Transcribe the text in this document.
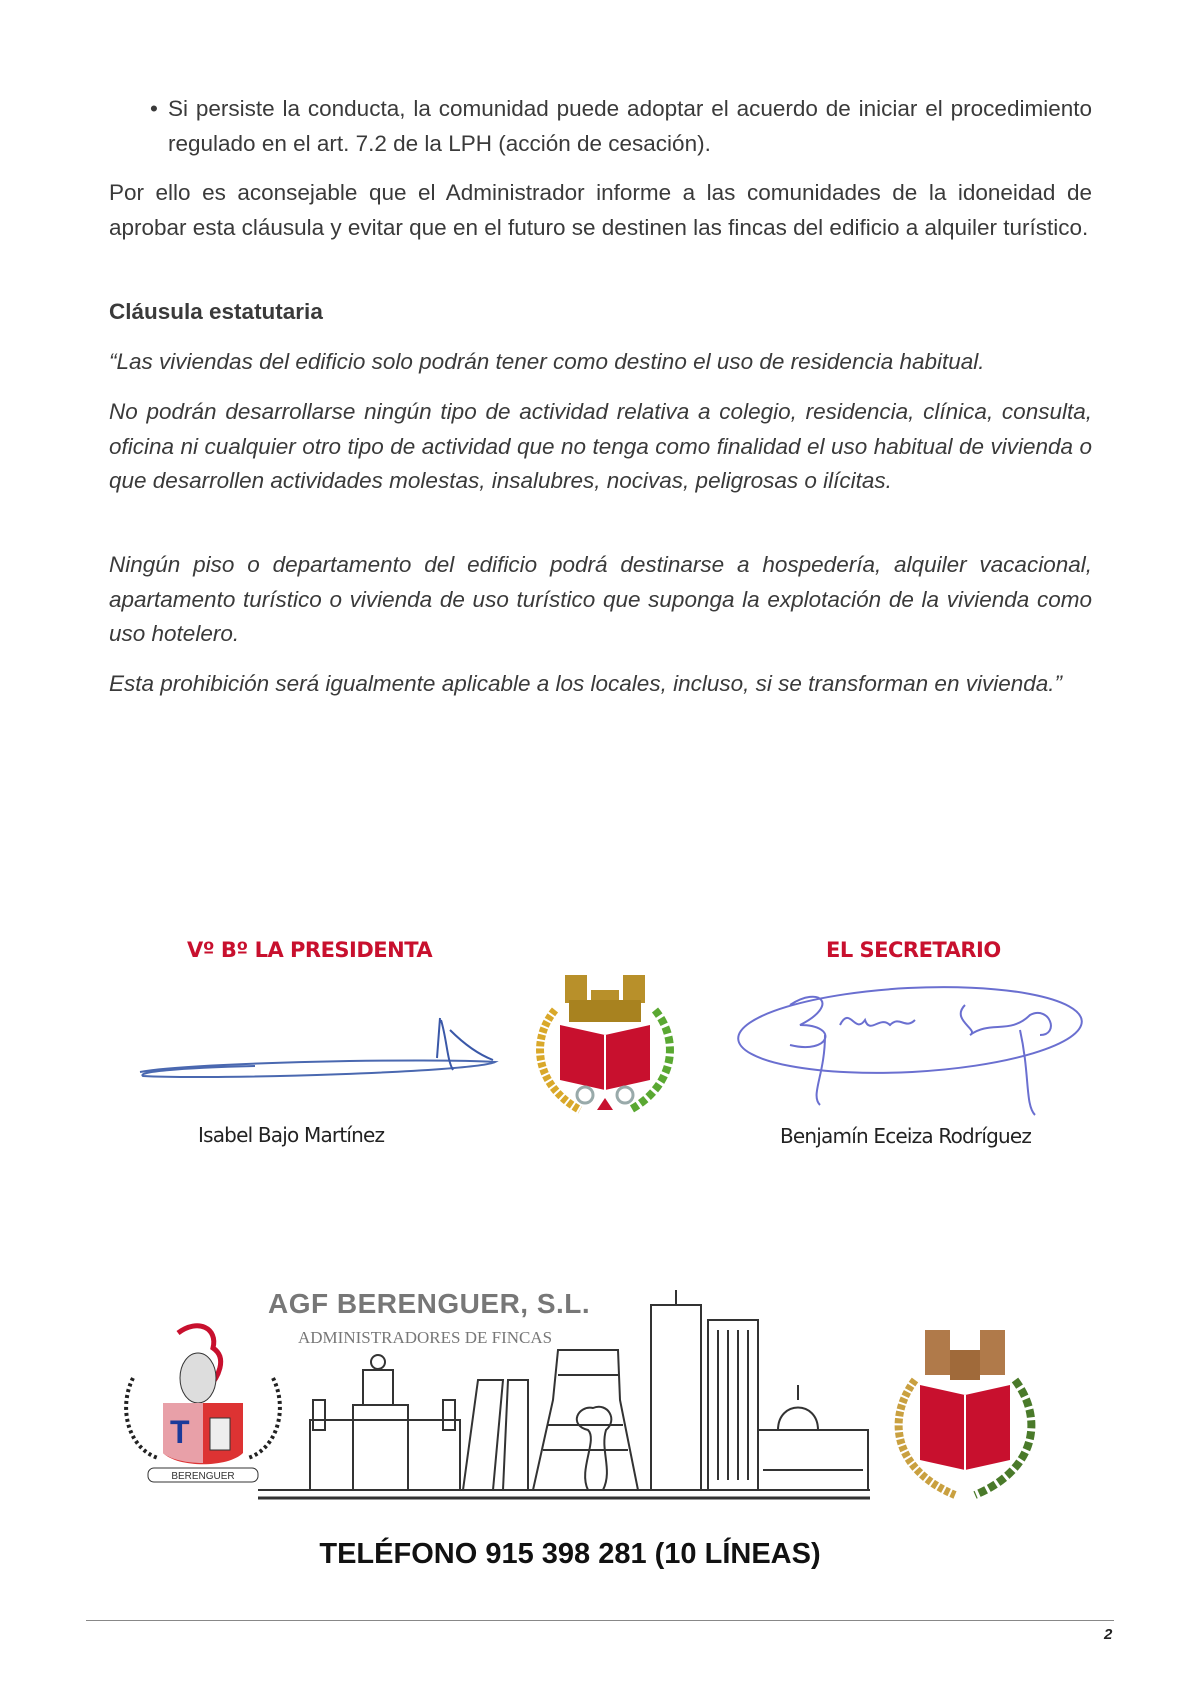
• Si persiste la conducta, la comunidad puede adoptar el acuerdo de iniciar el procedimiento regulado en el art. 7.2 de la LPH (acción de cesación).

Por ello es aconsejable que el Administrador informe a las comunidades de la idoneidad de aprobar esta cláusula y evitar que en el futuro se destinen las fincas del edificio a alquiler turístico.

Cláusula estatutaria

“Las viviendas del edificio solo podrán tener como destino el uso de residencia habitual.

No podrán desarrollarse ningún tipo de actividad relativa a colegio, residencia, clínica, consulta, oficina ni cualquier otro tipo de actividad que no tenga como finalidad el uso habitual de vivienda o que desarrollen actividades molestas, insalubres, nocivas, peligrosas o ilícitas.

Ningún piso o departamento del edificio podrá destinarse a hospedería, alquiler vacacional, apartamento turístico o vivienda de uso turístico que suponga la explotación de la vivienda como uso hotelero.

Esta prohibición será igualmente aplicable a los locales, incluso, si se transforman en vivienda.”

Vº Bº LA PRESIDENTA	EL SECRETARIO
Isabel Bajo Martínez	Benjamín Eceiza Rodríguez
T
BERENGUER
AGF BERENGUER, S.L.
ADMINISTRADORES DE FINCAS
TELÉFONO 915 398 281 (10 LÍNEAS)
2
